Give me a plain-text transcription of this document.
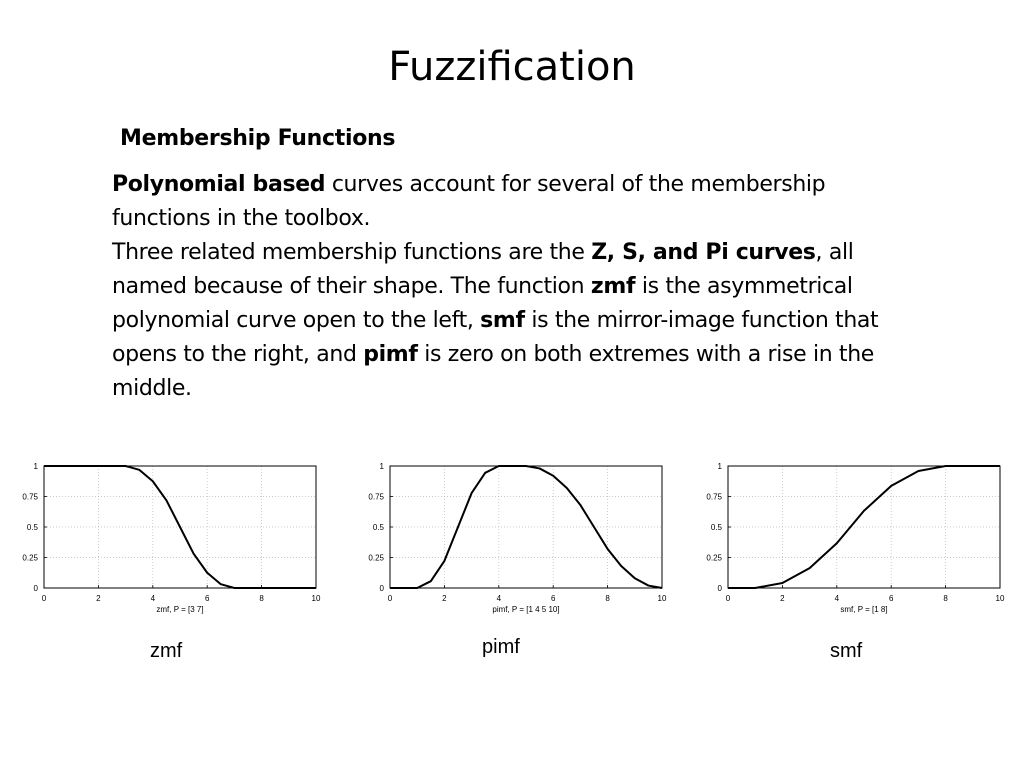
Fuzzification
Membership Functions

Polynomial based curves account for several of the membership functions in the toolbox.

Three related membership functions are the Z, S, and Pi curves, all named because of their shape. The function zmf is the asymmetrical polynomial curve open to the left, smf is the mirror-image function that opens to the right, and pimf is zero on both extremes with a rise in the middle.

0	2	4	6	8	10
0
0.25
0.5
0.75
1
zmf, P = [3 7]
0	2	4	6	8	10
0
0.25
0.5
0.75
1
pimf, P = [1 4 5 10]
0	2	4	6	8	10
0
0.25
0.5
0.75
1
smf, P = [1 8]
zmf	pimf	smf
